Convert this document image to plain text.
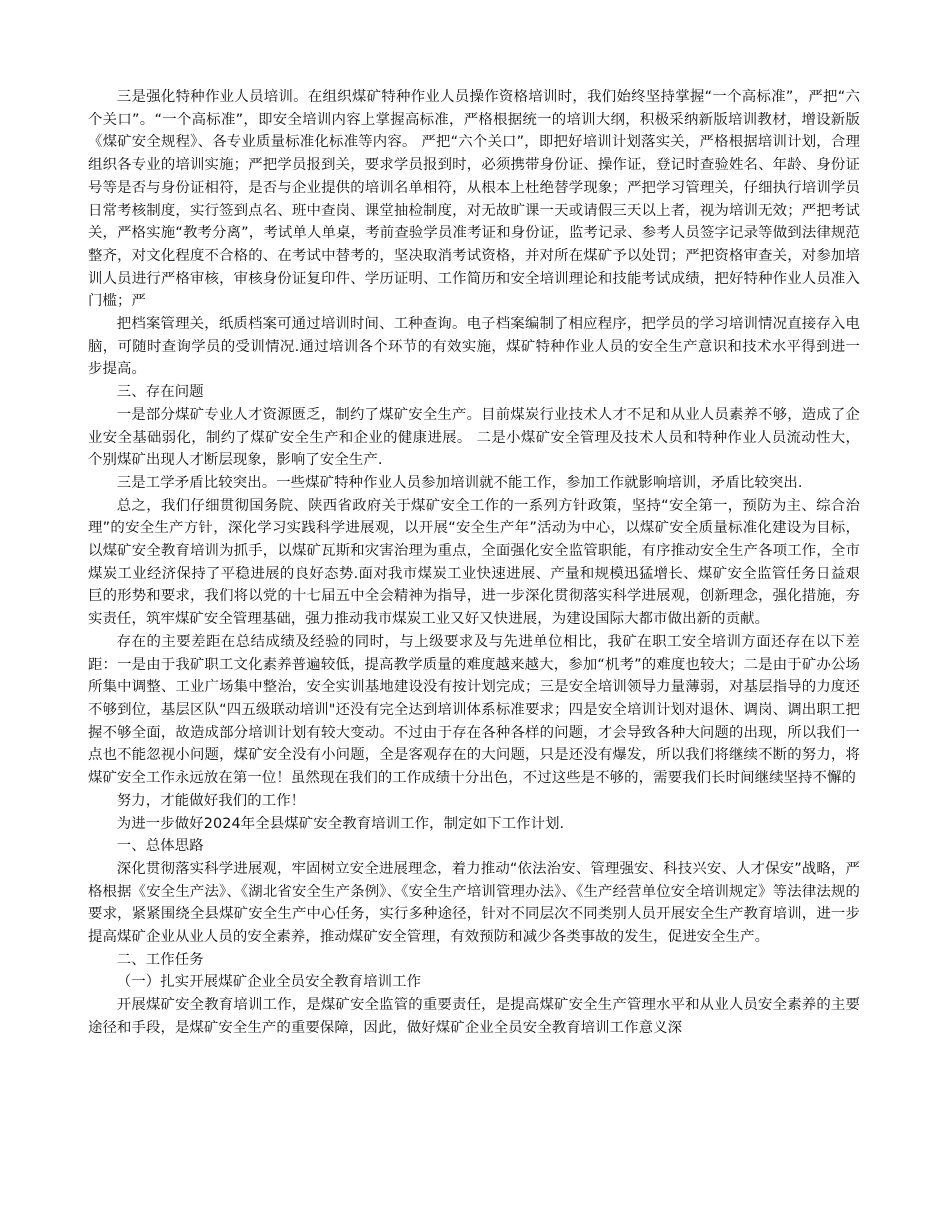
三是强化特种作业人员培训。在组织煤矿特种作业人员操作资格培训时，我们始终坚持掌握“一个高标准”，严把“六个关口”。“一个高标准”，即安全培训内容上掌握高标准，严格根据统一的培训大纲，积极采纳新版培训教材，增设新版《煤矿安全规程》、各专业质量标准化标准等内容。 严把“六个关口”，即把好培训计划落实关，严格根据培训计划，合理组织各专业的培训实施；严把学员报到关，要求学员报到时，必须携带身份证、操作证，登记时查验姓名、年龄、身份证号等是否与身份证相符，是否与企业提供的培训名单相符，从根本上杜绝替学现象；严把学习管理关，仔细执行培训学员日常考核制度，实行签到点名、班中查岗、课堂抽检制度，对无故旷课一天或请假三天以上者，视为培训无效；严把考试关，严格实施“教考分离”，考试单人单桌，考前查验学员准考证和身份证，监考记录、参考人员签字记录等做到法律规范整齐，对文化程度不合格的、在考试中替考的，坚决取消考试资格，并对所在煤矿予以处罚；严把资格审查关，对参加培训人员进行严格审核，审核身份证复印件、学历证明、工作简历和安全培训理论和技能考试成绩，把好特种作业人员准入门槛；严

把档案管理关，纸质档案可通过培训时间、工种查询。电子档案编制了相应程序，把学员的学习培训情况直接存入电脑，可随时查询学员的受训情况.通过培训各个环节的有效实施，煤矿特种作业人员的安全生产意识和技术水平得到进一步提高。

三、存在问题

一是部分煤矿专业人才资源匮乏，制约了煤矿安全生产。目前煤炭行业技术人才不足和从业人员素养不够，造成了企业安全基础弱化，制约了煤矿安全生产和企业的健康进展。 二是小煤矿安全管理及技术人员和特种作业人员流动性大，个别煤矿出现人才断层现象，影响了安全生产.

三是工学矛盾比较突出。一些煤矿特种作业人员参加培训就不能工作，参加工作就影响培训，矛盾比较突出.

总之，我们仔细贯彻国务院、陕西省政府关于煤矿安全工作的一系列方针政策，坚持“安全第一，预防为主、综合治理”的安全生产方针，深化学习实践科学进展观，以开展“安全生产年”活动为中心，以煤矿安全质量标准化建设为目标，以煤矿安全教育培训为抓手，以煤矿瓦斯和灾害治理为重点，全面强化安全监管职能，有序推动安全生产各项工作，全市煤炭工业经济保持了平稳进展的良好态势.面对我市煤炭工业快速进展、产量和规模迅猛增长、煤矿安全监管任务日益艰巨的形势和要求，我们将以党的十七届五中全会精神为指导，进一步深化贯彻落实科学进展观，创新理念，强化措施，夯实责任，筑牢煤矿安全管理基础，强力推动我市煤炭工业又好又快进展，为建设国际大都市做出新的贡献。

存在的主要差距在总结成绩及经验的同时，与上级要求及与先进单位相比，我矿在职工安全培训方面还存在以下差距：一是由于我矿职工文化素养普遍较低，提高教学质量的难度越来越大，参加“机考”的难度也较大；二是由于矿办公场所集中调整、工业广场集中整治，安全实训基地建设没有按计划完成；三是安全培训领导力量薄弱，对基层指导的力度还不够到位，基层区队“四五级联动培训"还没有完全达到培训体系标准要求；四是安全培训计划对退休、调岗、调出职工把握不够全面，故造成部分培训计划有较大变动。不过由于存在各种各样的问题，才会导致各种大问题的出现，所以我们一点也不能忽视小问题，煤矿安全没有小问题，全是客观存在的大问题，只是还没有爆发，所以我们将继续不断的努力，将煤矿安全工作永远放在第一位！虽然现在我们的工作成绩十分出色，不过这些是不够的，需要我们长时间继续坚持不懈的

努力，才能做好我们的工作！

为进一步做好2024年全县煤矿安全教育培训工作，制定如下工作计划.

一、总体思路

深化贯彻落实科学进展观，牢固树立安全进展理念，着力推动“依法治安、管理强安、科技兴安、人才保安”战略，严格根据《安全生产法》、《湖北省安全生产条例》、《安全生产培训管理办法》、《生产经营单位安全培训规定》等法律法规的要求，紧紧围绕全县煤矿安全生产中心任务，实行多种途径，针对不同层次不同类别人员开展安全生产教育培训，进一步提高煤矿企业从业人员的安全素养，推动煤矿安全管理，有效预防和减少各类事故的发生，促进安全生产。

二、工作任务

（一）扎实开展煤矿企业全员安全教育培训工作

开展煤矿安全教育培训工作，是煤矿安全监管的重要责任，是提高煤矿安全生产管理水平和从业人员安全素养的主要途径和手段，是煤矿安全生产的重要保障，因此，做好煤矿企业全员安全教育培训工作意义深
